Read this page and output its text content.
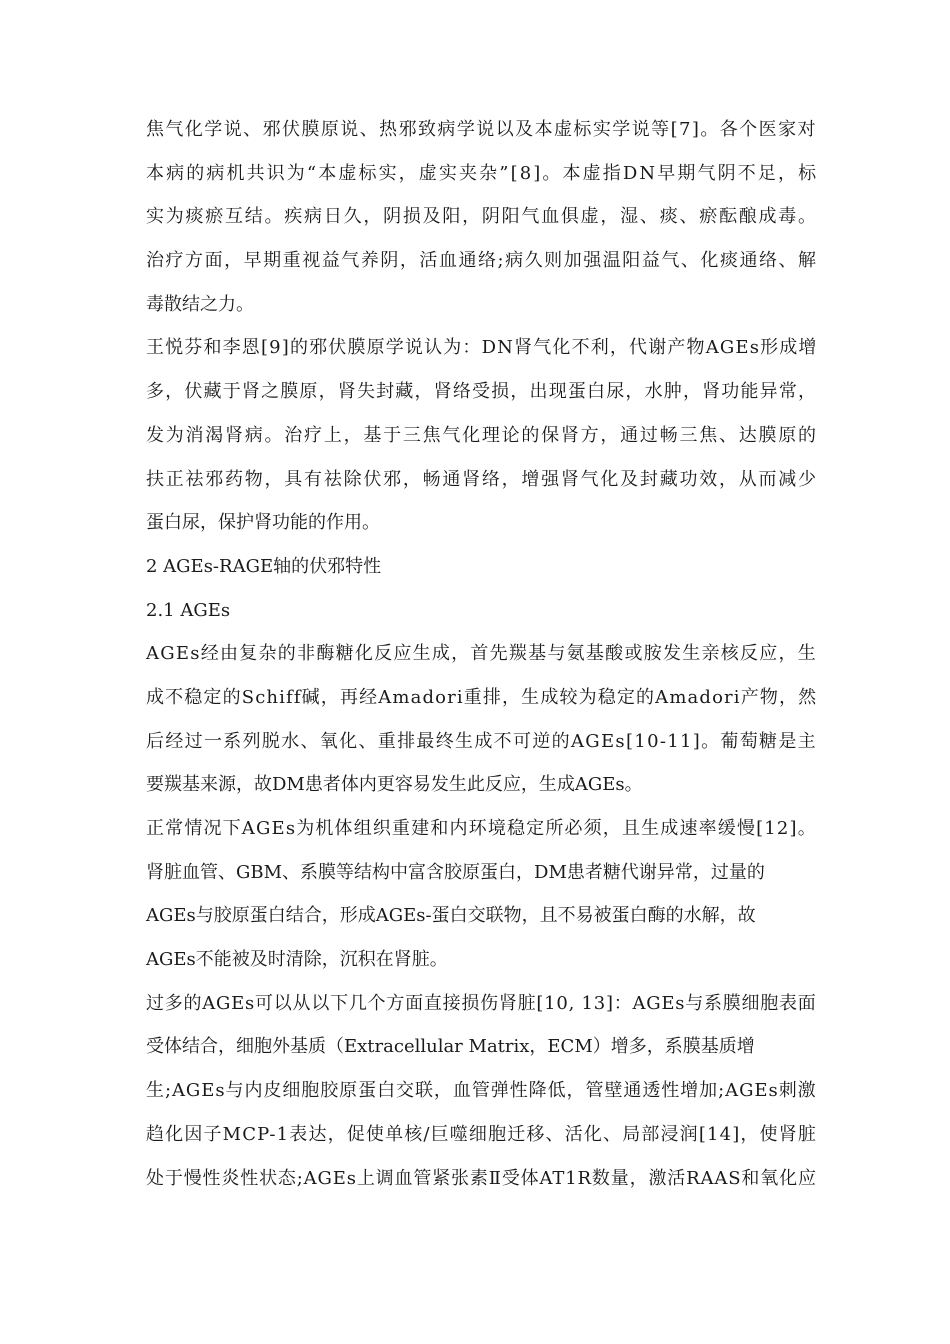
焦气化学说、邪伏膜原说、热邪致病学说以及本虚标实学说等[7]。各个医家对
本病的病机共识为“本虚标实，虚实夹杂”[8]。本虚指DN早期气阴不足，标
实为痰瘀互结。疾病日久，阴损及阳，阴阳气血俱虚，湿、痰、瘀酝酿成毒。
治疗方面，早期重视益气养阴，活血通络;病久则加强温阳益气、化痰通络、解
毒散结之力。
王悦芬和李恩[9]的邪伏膜原学说认为：DN肾气化不利，代谢产物AGEs形成增
多，伏藏于肾之膜原，肾失封藏，肾络受损，出现蛋白尿，水肿，肾功能异常，
发为消渴肾病。治疗上，基于三焦气化理论的保肾方，通过畅三焦、达膜原的
扶正祛邪药物，具有祛除伏邪，畅通肾络，增强肾气化及封藏功效，从而减少
蛋白尿，保护肾功能的作用。
2 AGEs-RAGE轴的伏邪特性
2.1 AGEs
AGEs经由复杂的非酶糖化反应生成，首先羰基与氨基酸或胺发生亲核反应，生
成不稳定的Schiff碱，再经Amadori重排，生成较为稳定的Amadori产物，然
后经过一系列脱水、氧化、重排最终生成不可逆的AGEs[10-11]。葡萄糖是主
要羰基来源，故DM患者体内更容易发生此反应，生成AGEs。
正常情况下AGEs为机体组织重建和内环境稳定所必须，且生成速率缓慢[12]。
肾脏血管、GBM、系膜等结构中富含胶原蛋白，DM患者糖代谢异常，过量的
AGEs与胶原蛋白结合，形成AGEs-蛋白交联物，且不易被蛋白酶的水解，故
AGEs不能被及时清除，沉积在肾脏。
过多的AGEs可以从以下几个方面直接损伤肾脏[10, 13]：AGEs与系膜细胞表面
受体结合，细胞外基质（Extracellular Matrix，ECM）增多，系膜基质增
生;AGEs与内皮细胞胶原蛋白交联，血管弹性降低，管壁通透性增加;AGEs刺激
趋化因子MCP-1表达，促使单核/巨噬细胞迁移、活化、局部浸润[14]，使肾脏
处于慢性炎性状态;AGEs上调血管紧张素Ⅱ受体AT1R数量，激活RAAS和氧化应
